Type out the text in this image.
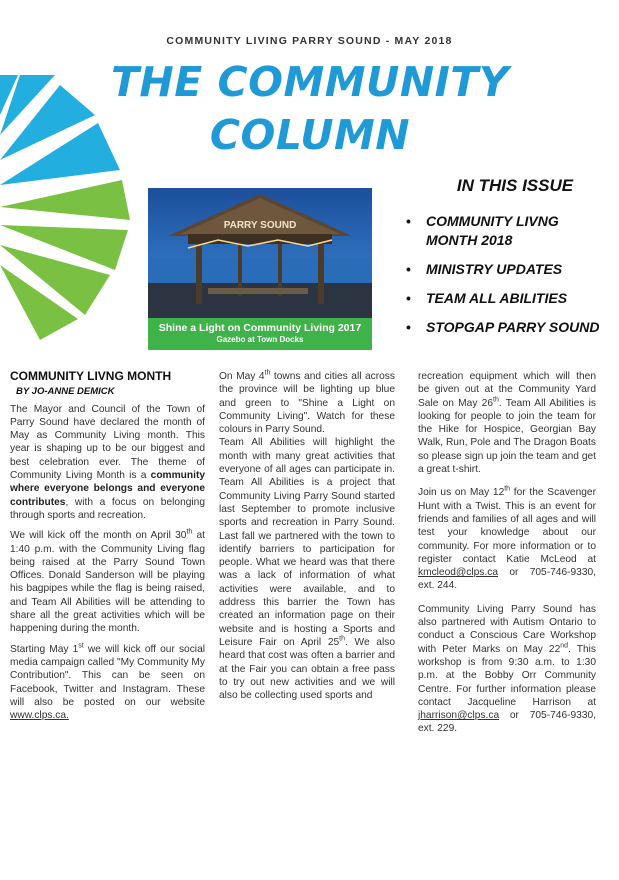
COMMUNITY LIVING PARRY SOUND - MAY 2018
THE COMMUNITY
COLUMN
PARRY SOUND
Shine a Light on Community Living 2017
Gazebo at Town Docks
IN THIS ISSUE
• COMMUNITY LIVNG MONTH 2018
• MINISTRY UPDATES
• TEAM ALL ABILITIES
• STOPGAP PARRY SOUND
COMMUNITY LIVNG MONTH
BY JO-ANNE DEMICK

The Mayor and Council of the Town of Parry Sound have declared the month of May as Community Living month. This year is shaping up to be our biggest and best celebration ever. The theme of Community Living Month is a community where everyone belongs and everyone contributes, with a focus on belonging through sports and recreation.

We will kick off the month on April 30th at 1:40 p.m. with the Community Living flag being raised at the Parry Sound Town Offices. Donald Sanderson will be playing his bagpipes while the flag is being raised, and Team All Abilities will be attending to share all the great activities which will be happening during the month.

Starting May 1st we will kick off our social media campaign called "My Community My Contribution". This can be seen on Facebook, Twitter and Instagram. These will also be posted on our website www.clps.ca.

On May 4th towns and cities all across the province will be lighting up blue and green to "Shine a Light on Community Living". Watch for these colours in Parry Sound.

Team All Abilities will highlight the month with many great activities that everyone of all ages can participate in. Team All Abilities is a project that Community Living Parry Sound started last September to promote inclusive sports and recreation in Parry Sound. Last fall we partnered with the town to identify barriers to participation for people. What we heard was that there was a lack of information of what activities were available, and to address this barrier the Town has created an information page on their website and is hosting a Sports and Leisure Fair on April 25th. We also heard that cost was often a barrier and at the Fair you can obtain a free pass to try out new activities and we will also be collecting used sports and

recreation equipment which will then be given out at the Community Yard Sale on May 26th. Team All Abilities is looking for people to join the team for the Hike for Hospice, Georgian Bay Walk, Run, Pole and The Dragon Boats so please sign up join the team and get a great t-shirt.

Join us on May 12th for the Scavenger Hunt with a Twist. This is an event for friends and families of all ages and will test your knowledge about our community. For more information or to register contact Katie McLeod at kmcleod@clps.ca or 705-746-9330, ext. 244.

Community Living Parry Sound has also partnered with Autism Ontario to conduct a Conscious Care Workshop with Peter Marks on May 22nd. This workshop is from 9:30 a.m. to 1:30 p.m. at the Bobby Orr Community Centre. For further information please contact Jacqueline Harrison at jharrison@clps.ca or 705-746-9330, ext. 229.
